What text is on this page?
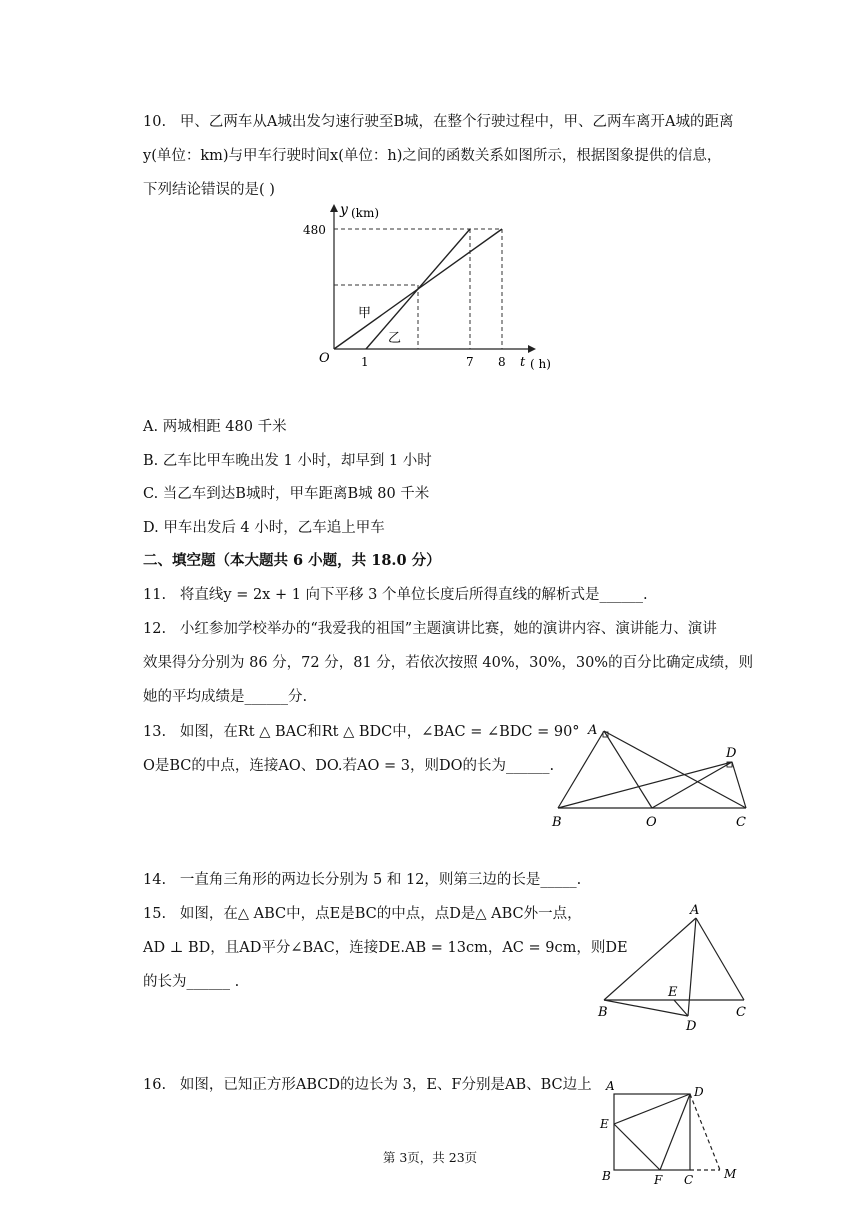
10. 甲、乙两车从A城出发匀速行驶至B城，在整个行驶过程中，甲、乙两车离开A城的距离
y(单位：km)与甲车行驶时间x(单位：h)之间的函数关系如图所示，根据图象提供的信息，
下列结论错误的是( )
y (km)
480
O	1	7 8 t ( h)
甲
乙
A. 两城相距 480 千米
B. 乙车比甲车晚出发 1 小时，却早到 1 小时
C. 当乙车到达B城时，甲车距离B城 80 千米
D. 甲车出发后 4 小时，乙车追上甲车
二、填空题（本大题共 6 小题，共 18.0 分）
11. 将直线y = 2x + 1 向下平移 3 个单位长度后所得直线的解析式是______.
12. 小红参加学校举办的“我爱我的祖国”主题演讲比赛，她的演讲内容、演讲能力、演讲
效果得分分别为 86 分，72 分，81 分，若依次按照 40%，30%，30%的百分比确定成绩，则
她的平均成绩是______分.
13. 如图，在Rt △ BAC和Rt △ BDC中，∠BAC = ∠BDC = 90°
O是BC的中点，连接AO、DO.若AO = 3，则DO的长为______.
A
D
B	O	C
14. 一直角三角形的两边长分别为 5 和 12，则第三边的长是_____.
15. 如图，在△ ABC中，点E是BC的中点，点D是△ ABC外一点，
AD ⊥ BD，且AD平分∠BAC，连接DE.AB = 13cm，AC = 9cm，则DE
的长为______ .
A
E
B
D
C
16. 如图，已知正方形ABCD的边长为 3，E、F分别是AB、BC边上 A	D
E
B	F C	M
第 3页，共 23页
